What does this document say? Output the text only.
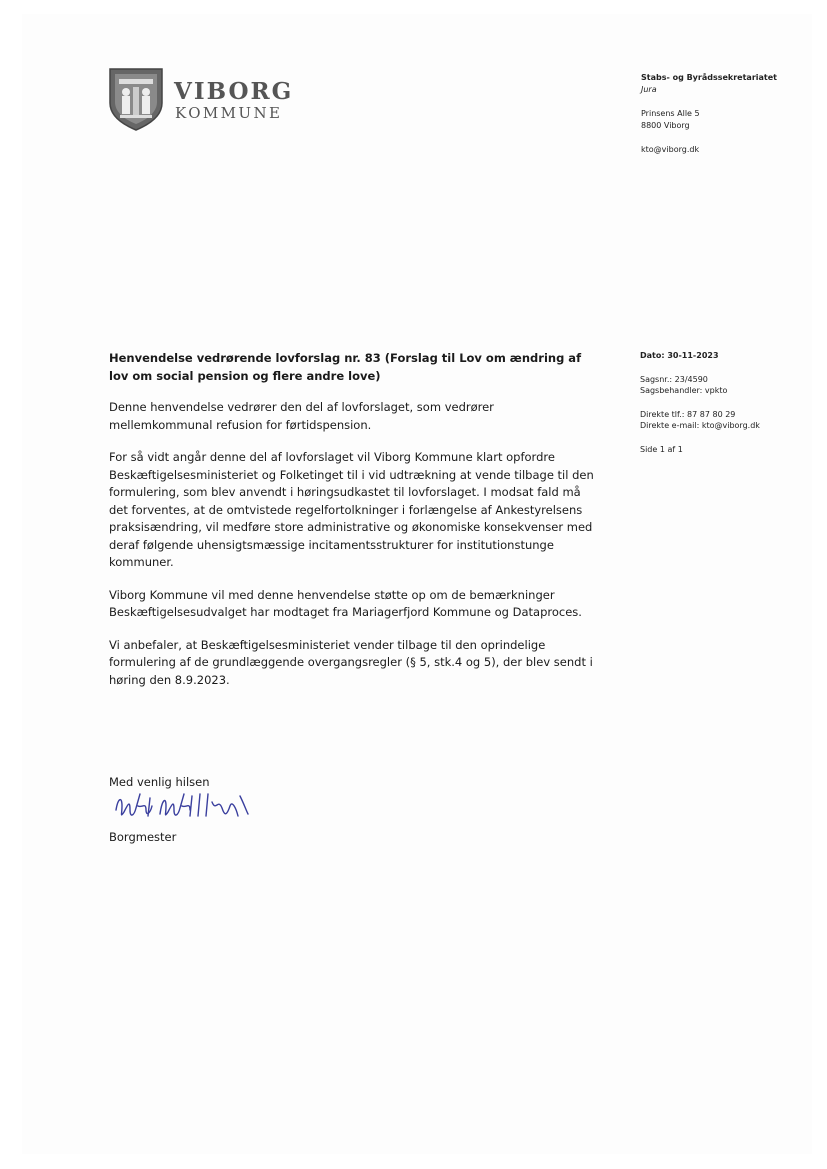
VIBORG
KOMMUNE
Stabs- og Byrådssekretariatet
Jura
Prinsens Alle 5
8800 Viborg
kto@viborg.dk
Dato: 30-11-2023
Sagsnr.: 23/4590
Sagsbehandler: vpkto
Direkte tlf.: 87 87 80 29
Direkte e-mail: kto@viborg.dk
Side 1 af 1

Henvendelse vedrørende lovforslag nr. 83 (Forslag til Lov om ændring af lov om social pension og flere andre love)

Denne henvendelse vedrører den del af lovforslaget, som vedrører mellemkommunal refusion for førtidspension.

For så vidt angår denne del af lovforslaget vil Viborg Kommune klart opfordre Beskæftigelsesministeriet og Folketinget til i vid udtrækning at vende tilbage til den formulering, som blev anvendt i høringsudkastet til lovforslaget. I modsat fald må det forventes, at de omtvistede regelfortolkninger i forlængelse af Ankestyrelsens praksisændring, vil medføre store administrative og økonomiske konsekvenser med deraf følgende uhensigtsmæssige incitamentsstrukturer for institutionstunge kommuner.

Viborg Kommune vil med denne henvendelse støtte op om de bemærkninger Beskæftigelsesudvalget har modtaget fra Mariagerfjord Kommune og Dataproces.

Vi anbefaler, at Beskæftigelsesministeriet vender tilbage til den oprindelige formulering af de grundlæggende overgangsregler (§ 5, stk.4 og 5), der blev sendt i høring den 8.9.2023.

Med venlig hilsen
Borgmester
